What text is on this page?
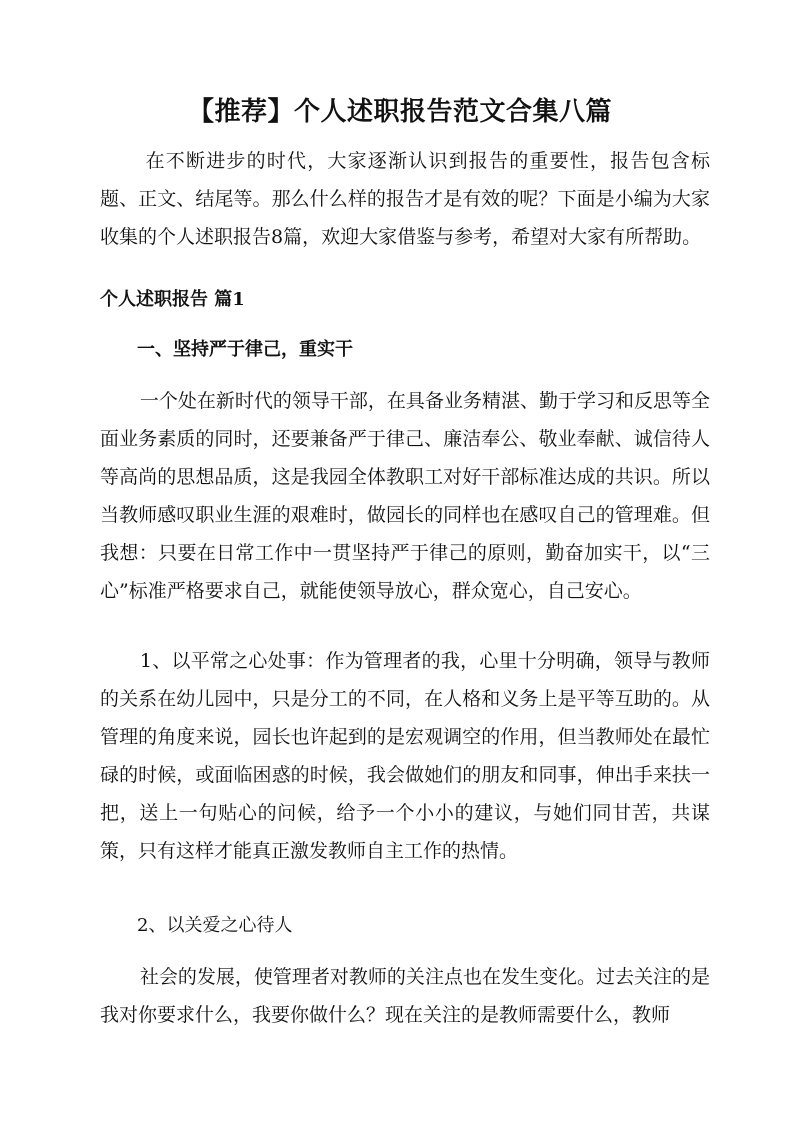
【推荐】个人述职报告范文合集八篇
在不断进步的时代，大家逐渐认识到报告的重要性，报告包含标题、正文、结尾等。那么什么样的报告才是有效的呢？下面是小编为大家收集的个人述职报告8篇，欢迎大家借鉴与参考，希望对大家有所帮助。
个人述职报告 篇1
一、坚持严于律己，重实干
一个处在新时代的领导干部，在具备业务精湛、勤于学习和反思等全面业务素质的同时，还要兼备严于律己、廉洁奉公、敬业奉献、诚信待人等高尚的思想品质，这是我园全体教职工对好干部标准达成的共识。所以当教师感叹职业生涯的艰难时，做园长的同样也在感叹自己的管理难。但我想：只要在日常工作中一贯坚持严于律己的原则，勤奋加实干，以“三心”标准严格要求自己，就能使领导放心，群众宽心，自己安心。
1、以平常之心处事：作为管理者的我，心里十分明确，领导与教师的关系在幼儿园中，只是分工的不同，在人格和义务上是平等互助的。从管理的角度来说，园长也许起到的是宏观调空的作用，但当教师处在最忙碌的时候，或面临困惑的时候，我会做她们的朋友和同事，伸出手来扶一把，送上一句贴心的问候，给予一个小小的建议，与她们同甘苦，共谋策，只有这样才能真正激发教师自主工作的热情。
2、以关爱之心待人
社会的发展，使管理者对教师的关注点也在发生变化。过去关注的是我对你要求什么，我要你做什么？现在关注的是教师需要什么，教师
